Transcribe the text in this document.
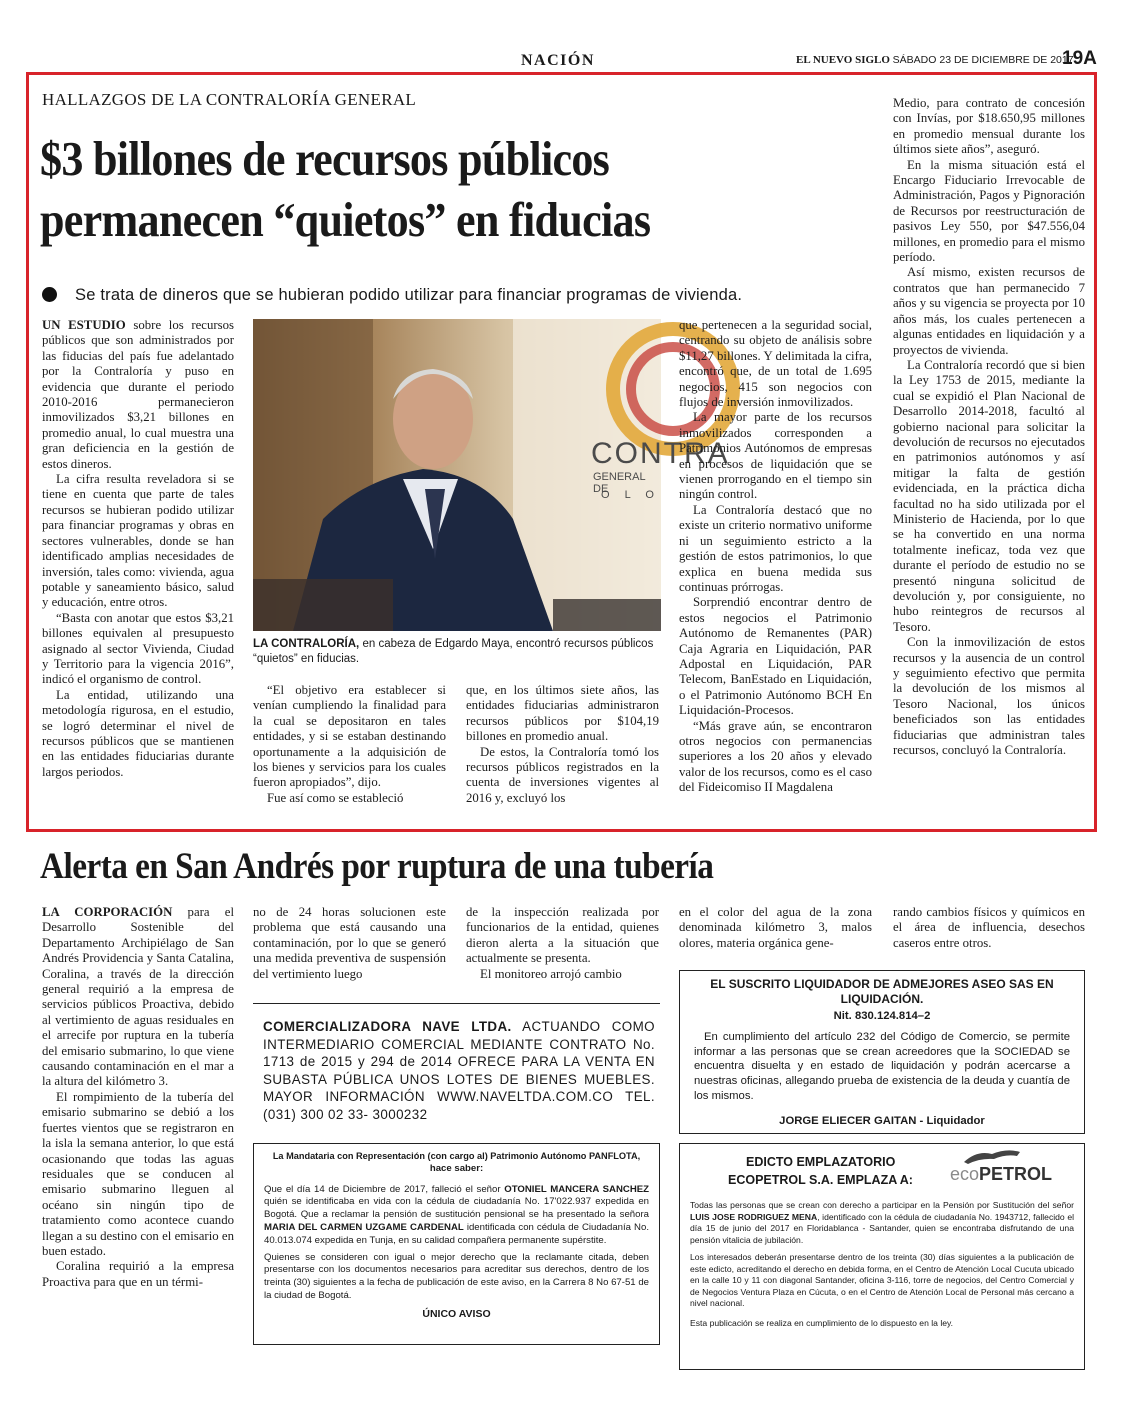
NACIÓN	EL NUEVO SIGLO SÁBADO 23 DE DICIEMBRE DE 2017
19A
HALLAZGOS DE LA CONTRALORÍA GENERAL
$3 billones de recursos públicos
permanecen “quietos” en fiducias
Se trata de dineros que se hubieran podido utilizar para financiar programas de vivienda.

UN ESTUDIO sobre los recursos públicos que son administrados por las fiducias del país fue adelantado por la Contraloría y puso en evidencia que durante el periodo 2010-2016 permanecieron inmovilizados $3,21 billones en promedio anual, lo cual muestra una gran deficiencia en la gestión de estos dineros.

La cifra resulta reveladora si se tiene en cuenta que parte de tales recursos se hubieran podido utilizar para financiar programas y obras en sectores vulnerables, donde se han identificado amplias necesidades de inversión, tales como: vivienda, agua potable y saneamiento básico, salud y educación, entre otros.

“Basta con anotar que estos $3,21 billones equivalen al presupuesto asignado al sector Vivienda, Ciudad y Territorio para la vigencia 2016”, indicó el organismo de control.

La entidad, utilizando una metodología rigurosa, en el estudio, se logró determinar el nivel de recursos públicos que se mantienen en las entidades fiduciarias durante largos periodos.

CONTRA
GENERAL DE
O L O
LA CONTRALORÍA, en cabeza de Edgardo Maya, encontró recursos públicos “quietos” en fiducias.

“El objetivo era establecer si venían cumpliendo la finalidad para la cual se depositaron en tales entidades, y si se estaban destinando oportunamente a la adquisición de los bienes y servicios para los cuales fueron apropiados”, dijo.

Fue así como se estableció

que, en los últimos siete años, las entidades fiduciarias administraron recursos públicos por $104,19 billones en promedio anual.

De estos, la Contraloría tomó los recursos públicos registrados en la cuenta de inversiones vigentes al 2016 y, excluyó los

que pertenecen a la seguridad social, centrando su objeto de análisis sobre $11,27 billones. Y delimitada la cifra, encontró que, de un total de 1.695 negocios, 415 son negocios con flujos de inversión inmovilizados.

La mayor parte de los recursos inmovilizados corresponden a Patrimonios Autónomos de empresas en procesos de liquidación que se vienen prorrogando en el tiempo sin ningún control.

La Contraloría destacó que no existe un criterio normativo uniforme ni un seguimiento estricto a la gestión de estos patrimonios, lo que explica en buena medida sus continuas prórrogas.

Sorprendió encontrar dentro de estos negocios el Patrimonio Autónomo de Remanentes (PAR) Caja Agraria en Liquidación, PAR Adpostal en Liquidación, PAR Telecom, BanEstado en Liquidación, o el Patrimonio Autónomo BCH En Liquidación-Procesos.

“Más grave aún, se encontraron otros negocios con permanencias superiores a los 20 años y elevado valor de los recursos, como es el caso del Fideicomiso II Magdalena

Medio, para contrato de concesión con Invías, por $18.650,95 millones en promedio mensual durante los últimos siete años”, aseguró.

En la misma situación está el Encargo Fiduciario Irrevocable de Administración, Pagos y Pignoración de Recursos por reestructuración de pasivos Ley 550, por $47.556,04 millones, en promedio para el mismo período.

Así mismo, existen recursos de contratos que han permanecido 7 años y su vigencia se proyecta por 10 años más, los cuales pertenecen a algunas entidades en liquidación y a proyectos de vivienda.

La Contraloría recordó que si bien la Ley 1753 de 2015, mediante la cual se expidió el Plan Nacional de Desarrollo 2014-2018, facultó al gobierno nacional para solicitar la devolución de recursos no ejecutados en patrimonios autónomos y así mitigar la falta de gestión evidenciada, en la práctica dicha facultad no ha sido utilizada por el Ministerio de Hacienda, por lo que se ha convertido en una norma totalmente ineficaz, toda vez que durante el período de estudio no se presentó ninguna solicitud de devolución y, por consiguiente, no hubo reintegros de recursos al Tesoro.

Con la inmovilización de estos recursos y la ausencia de un control y seguimiento efectivo que permita la devolución de los mismos al Tesoro Nacional, los únicos beneficiados son las entidades fiduciarias que administran tales recursos, concluyó la Contraloría.

Alerta en San Andrés por ruptura de una tubería

LA CORPORACIÓN para el Desarrollo Sostenible del Departamento Archipiélago de San Andrés Providencia y Santa Catalina, Coralina, a través de la dirección general requirió a la empresa de servicios públicos Proactiva, debido al vertimiento de aguas residuales en el arrecife por ruptura en la tubería del emisario submarino, lo que viene causando contaminación en el mar a la altura del kilómetro 3.

El rompimiento de la tubería del emisario submarino se debió a los fuertes vientos que se registraron en la isla la semana anterior, lo que está ocasionando que todas las aguas residuales que se conducen al emisario submarino lleguen al océano sin ningún tipo de tratamiento como acontece cuando llegan a su destino con el emisario en buen estado.

Coralina requirió a la empresa Proactiva para que en un térmi-

no de 24 horas solucionen este problema que está causando una contaminación, por lo que se generó una medida preventiva de suspensión del vertimiento luego

de la inspección realizada por funcionarios de la entidad, quienes dieron alerta a la situación que actualmente se presenta.

El monitoreo arrojó cambio

en el color del agua de la zona denominada kilómetro 3, malos olores, materia orgánica gene-

rando cambios físicos y químicos en el área de influencia, desechos caseros entre otros.

COMERCIALIZADORA NAVE LTDA. ACTUANDO COMO INTERMEDIARIO COMERCIAL MEDIANTE CONTRATO No. 1713 de 2015 y 294 de 2014 OFRECE PARA LA VENTA EN SUBASTA PÚBLICA UNOS LOTES DE BIENES MUEBLES. MAYOR INFORMACIÓN WWW.NAVELTDA.COM.CO TEL. (031) 300 02 33- 3000232
EL SUSCRITO LIQUIDADOR DE ADMEJORES ASEO SAS EN LIQUIDACIÓN.
Nit. 830.124.814–2
En cumplimiento del artículo 232 del Código de Comercio, se permite informar a las personas que se crean acreedores que la SOCIEDAD se encuentra disuelta y en estado de liquidación y podrán acercarse a nuestras oficinas, allegando prueba de existencia de la deuda y cuantía de los mismos.
JORGE ELIECER GAITAN - Liquidador
La Mandataria con Representación (con cargo al) Patrimonio Autónomo PANFLOTA,
hace saber:
Que el día 14 de Diciembre de 2017, falleció el señor OTONIEL MANCERA SANCHEZ quién se identificaba en vida con la cédula de ciudadanía No. 17'022.937 expedida en Bogotá. Que a reclamar la pensión de sustitución pensional se ha presentado la señora MARIA DEL CARMEN UZGAME CARDENAL identificada con cédula de Ciudadanía No. 40.013.074 expedida en Tunja, en su calidad compañera permanente supérstite.
Quienes se consideren con igual o mejor derecho que la reclamante citada, deben presentarse con los documentos necesarios para acreditar sus derechos, dentro de los treinta (30) siguientes a la fecha de publicación de este aviso, en la Carrera 8 No 67-51 de la ciudad de Bogotá.
ÚNICO AVISO
EDICTO EMPLAZATORIO
ECOPETROL S.A. EMPLAZA A: ecoPETROL
Todas las personas que se crean con derecho a participar en la Pensión por Sustitución del señor LUIS JOSE RODRIGUEZ MENA, identificado con la cédula de ciudadanía No. 1943712, fallecido el día 15 de junio del 2017 en Floridablanca - Santander, quien se encontraba disfrutando de una pensión vitalicia de jubilación.
Los interesados deberán presentarse dentro de los treinta (30) días siguientes a la publicación de este edicto, acreditando el derecho en debida forma, en el Centro de Atención Local Cucuta ubicado en la calle 10 y 11 con diagonal Santander, oficina 3-116, torre de negocios, del Centro Comercial y de Negocios Ventura Plaza en Cúcuta, o en el Centro de Atención Local de Personal más cercano a nivel nacional.
Esta publicación se realiza en cumplimiento de lo dispuesto en la ley.
